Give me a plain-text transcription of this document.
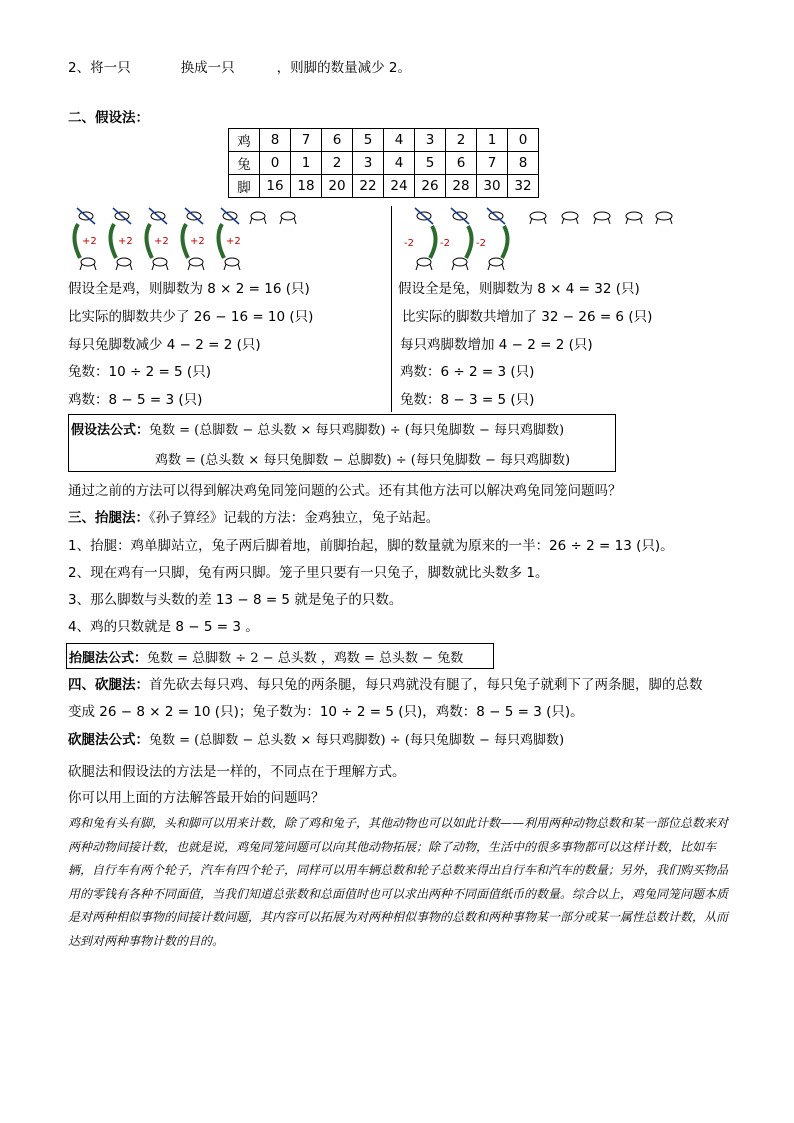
2、将一只	换成一只	，则脚的数量减少 2。
二、假设法：
鸡	8	7	6	5	4	3	2	1	0
兔	0	1	2	3	4	5	6	7	8
脚	16	18	20	22	24	26	28	30	32
+2 +2 +2 +2 +2	-2	-2	-2
假设全是鸡，则脚数为 8 × 2 = 16 (只)
比实际的脚数共少了 26 − 16 = 10 (只)
每只兔脚数减少 4 − 2 = 2 (只)
兔数：10 ÷ 2 = 5 (只)
鸡数：8 − 5 = 3 (只)
假设全是兔，则脚数为 8 × 4 = 32 (只)
比实际的脚数共增加了 32 − 26 = 6 (只)
每只鸡脚数增加 4 − 2 = 2 (只)
鸡数：6 ÷ 2 = 3 (只)
兔数：8 − 3 = 5 (只)
假设法公式：兔数 = (总脚数 − 总头数 × 每只鸡脚数) ÷ (每只兔脚数 − 每只鸡脚数)
鸡数 = (总头数 × 每只兔脚数 − 总脚数) ÷ (每只兔脚数 − 每只鸡脚数)
通过之前的方法可以得到解决鸡兔同笼问题的公式。还有其他方法可以解决鸡兔同笼问题吗？
三、抬腿法：《孙子算经》记载的方法：金鸡独立，兔子站起。
1、抬腿：鸡单脚站立，兔子两后脚着地，前脚抬起，脚的数量就为原来的一半：26 ÷ 2 = 13 (只)。
2、现在鸡有一只脚，兔有两只脚。笼子里只要有一只兔子，脚数就比头数多 1。
3、那么脚数与头数的差 13 − 8 = 5 就是兔子的只数。
4、鸡的只数就是 8 − 5 = 3 。
抬腿法公式：兔数 = 总脚数 ÷ 2 − 总头数 ，鸡数 = 总头数 − 兔数
四、砍腿法：首先砍去每只鸡、每只兔的两条腿，每只鸡就没有腿了，每只兔子就剩下了两条腿，脚的总数
变成 26 − 8 × 2 = 10 (只)；兔子数为：10 ÷ 2 = 5 (只)，鸡数：8 − 5 = 3 (只)。
砍腿法公式：兔数 = (总脚数 − 总头数 × 每只鸡脚数) ÷ (每只兔脚数 − 每只鸡脚数)
砍腿法和假设法的方法是一样的，不同点在于理解方式。
你可以用上面的方法解答最开始的问题吗？
鸡和兔有头有脚，头和脚可以用来计数，除了鸡和兔子，其他动物也可以如此计数——利用两种动物总数和某一部位总数来对两种动物间接计数，也就是说，鸡兔同笼问题可以向其他动物拓展；除了动物，生活中的很多事物都可以这样计数，比如车辆，自行车有两个轮子，汽车有四个轮子，同样可以用车辆总数和轮子总数来得出自行车和汽车的数量；另外，我们购买物品用的零钱有各种不同面值，当我们知道总张数和总面值时也可以求出两种不同面值纸币的数量。综合以上，鸡兔同笼问题本质是对两种相似事物的间接计数问题，其内容可以拓展为对两种相似事物的总数和两种事物某一部分或某一属性总数计数，从而达到对两种事物计数的目的。
